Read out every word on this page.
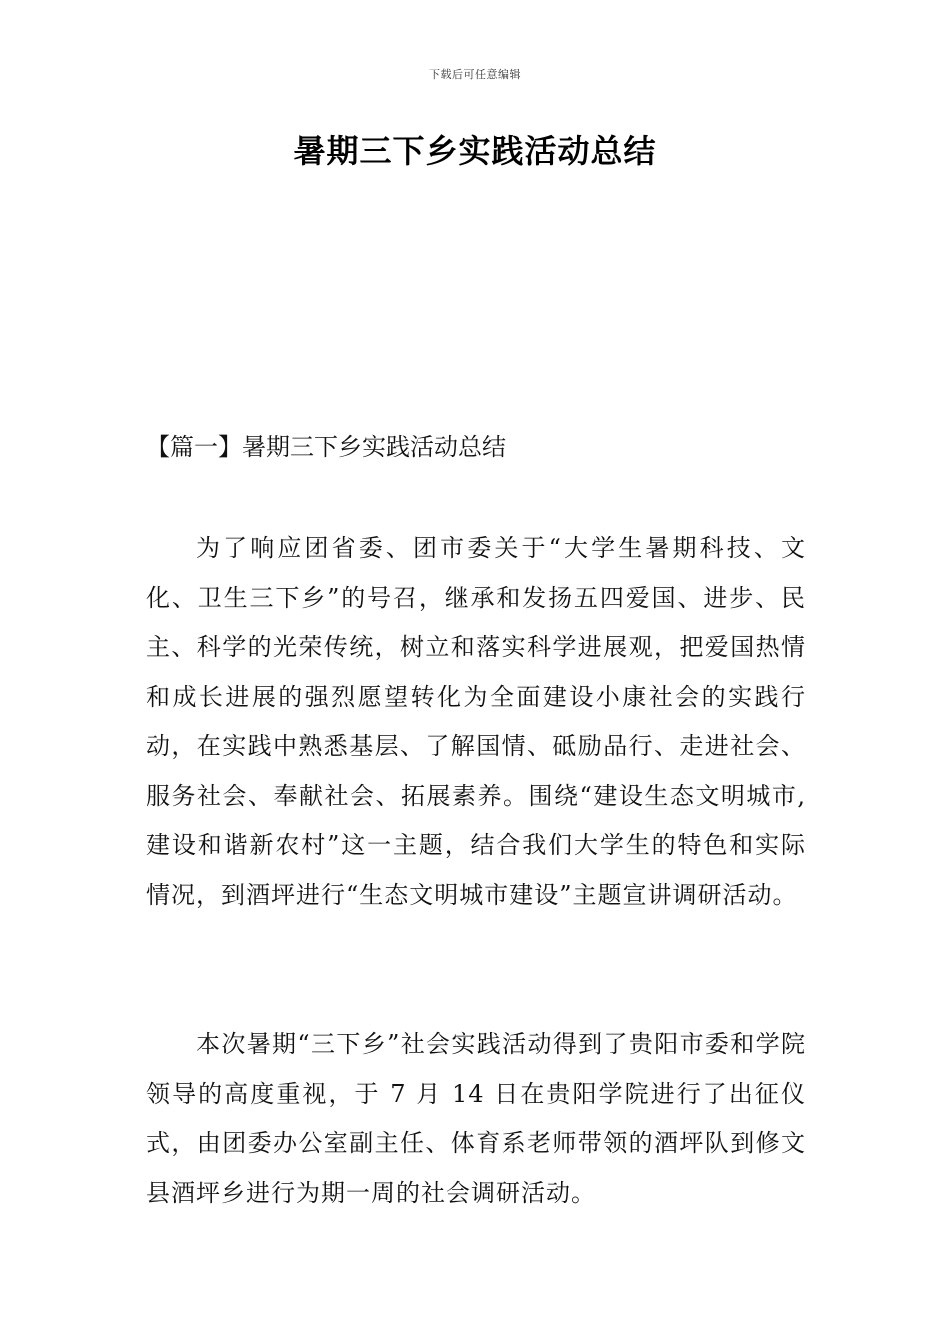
下载后可任意编辑
暑期三下乡实践活动总结
【篇一】暑期三下乡实践活动总结

为了响应团省委、团市委关于“大学生暑期科技、文化、卫生三下乡”的号召，继承和发扬五四爱国、进步、民主、科学的光荣传统，树立和落实科学进展观，把爱国热情和成长进展的强烈愿望转化为全面建设小康社会的实践行动，在实践中熟悉基层、了解国情、砥励品行、走进社会、服务社会、奉献社会、拓展素养。围绕“建设生态文明城市,建设和谐新农村”这一主题，结合我们大学生的特色和实际情况，到酒坪进行“生态文明城市建设”主题宣讲调研活动。

本次暑期“三下乡”社会实践活动得到了贵阳市委和学院领导的高度重视，于 7 月 14 日在贵阳学院进行了出征仪式，由团委办公室副主任、体育系老师带领的酒坪队到修文县酒坪乡进行为期一周的社会调研活动。
